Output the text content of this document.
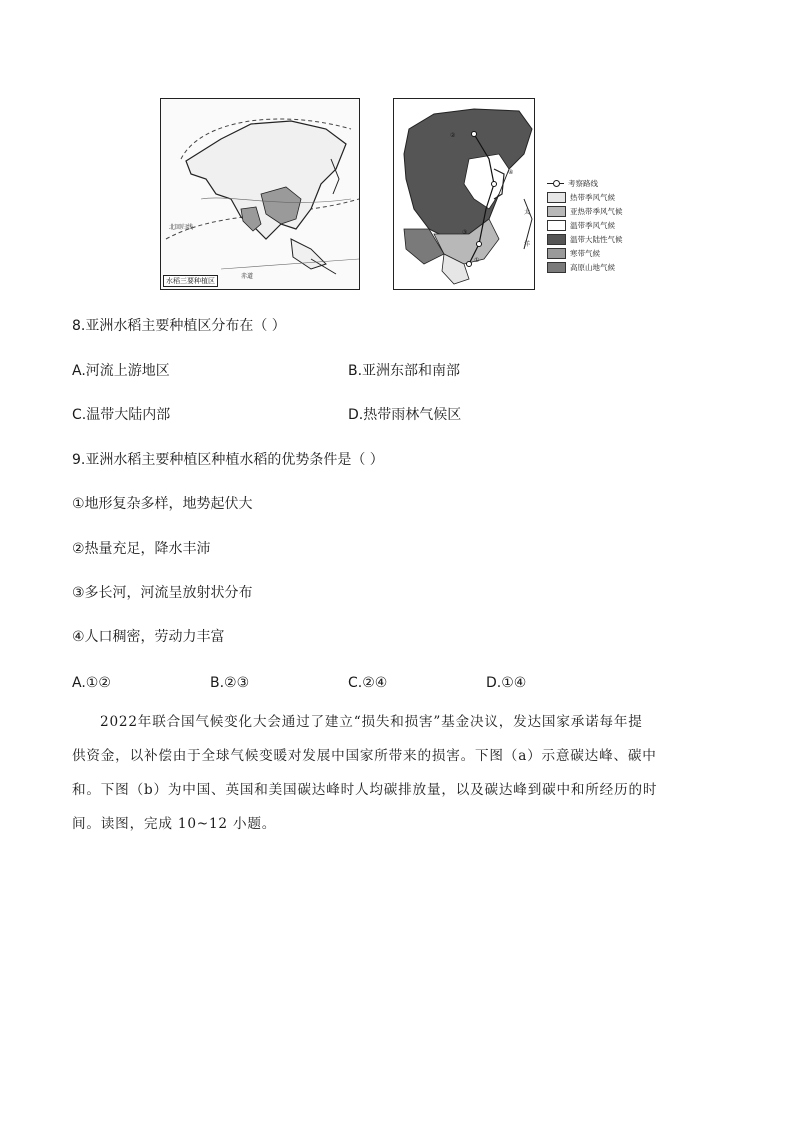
北回归线
赤道
水稻三要种植区
②
④
③
①
太
洋
考察路线
热带季风气候
亚热带季风气候
温带季风气候
温带大陆性气候
寒带气候
高原山地气候
8.亚洲水稻主要种植区分布在（ ）
A.河流上游地区	B.亚洲东部和南部
C.温带大陆内部	D.热带雨林气候区
9.亚洲水稻主要种植区种植水稻的优势条件是（ ）
①地形复杂多样，地势起伏大
②热量充足，降水丰沛
③多长河，河流呈放射状分布
④人口稠密，劳动力丰富
A.①②	B.②③	C.②④	D.①④
2022年联合国气候变化大会通过了建立“损失和损害”基金决议，发达国家承诺每年提
供资金，以补偿由于全球气候变暖对发展中国家所带来的损害。下图（a）示意碳达峰、碳中
和。下图（b）为中国、英国和美国碳达峰时人均碳排放量，以及碳达峰到碳中和所经历的时
间。读图，完成 10~12 小题。
